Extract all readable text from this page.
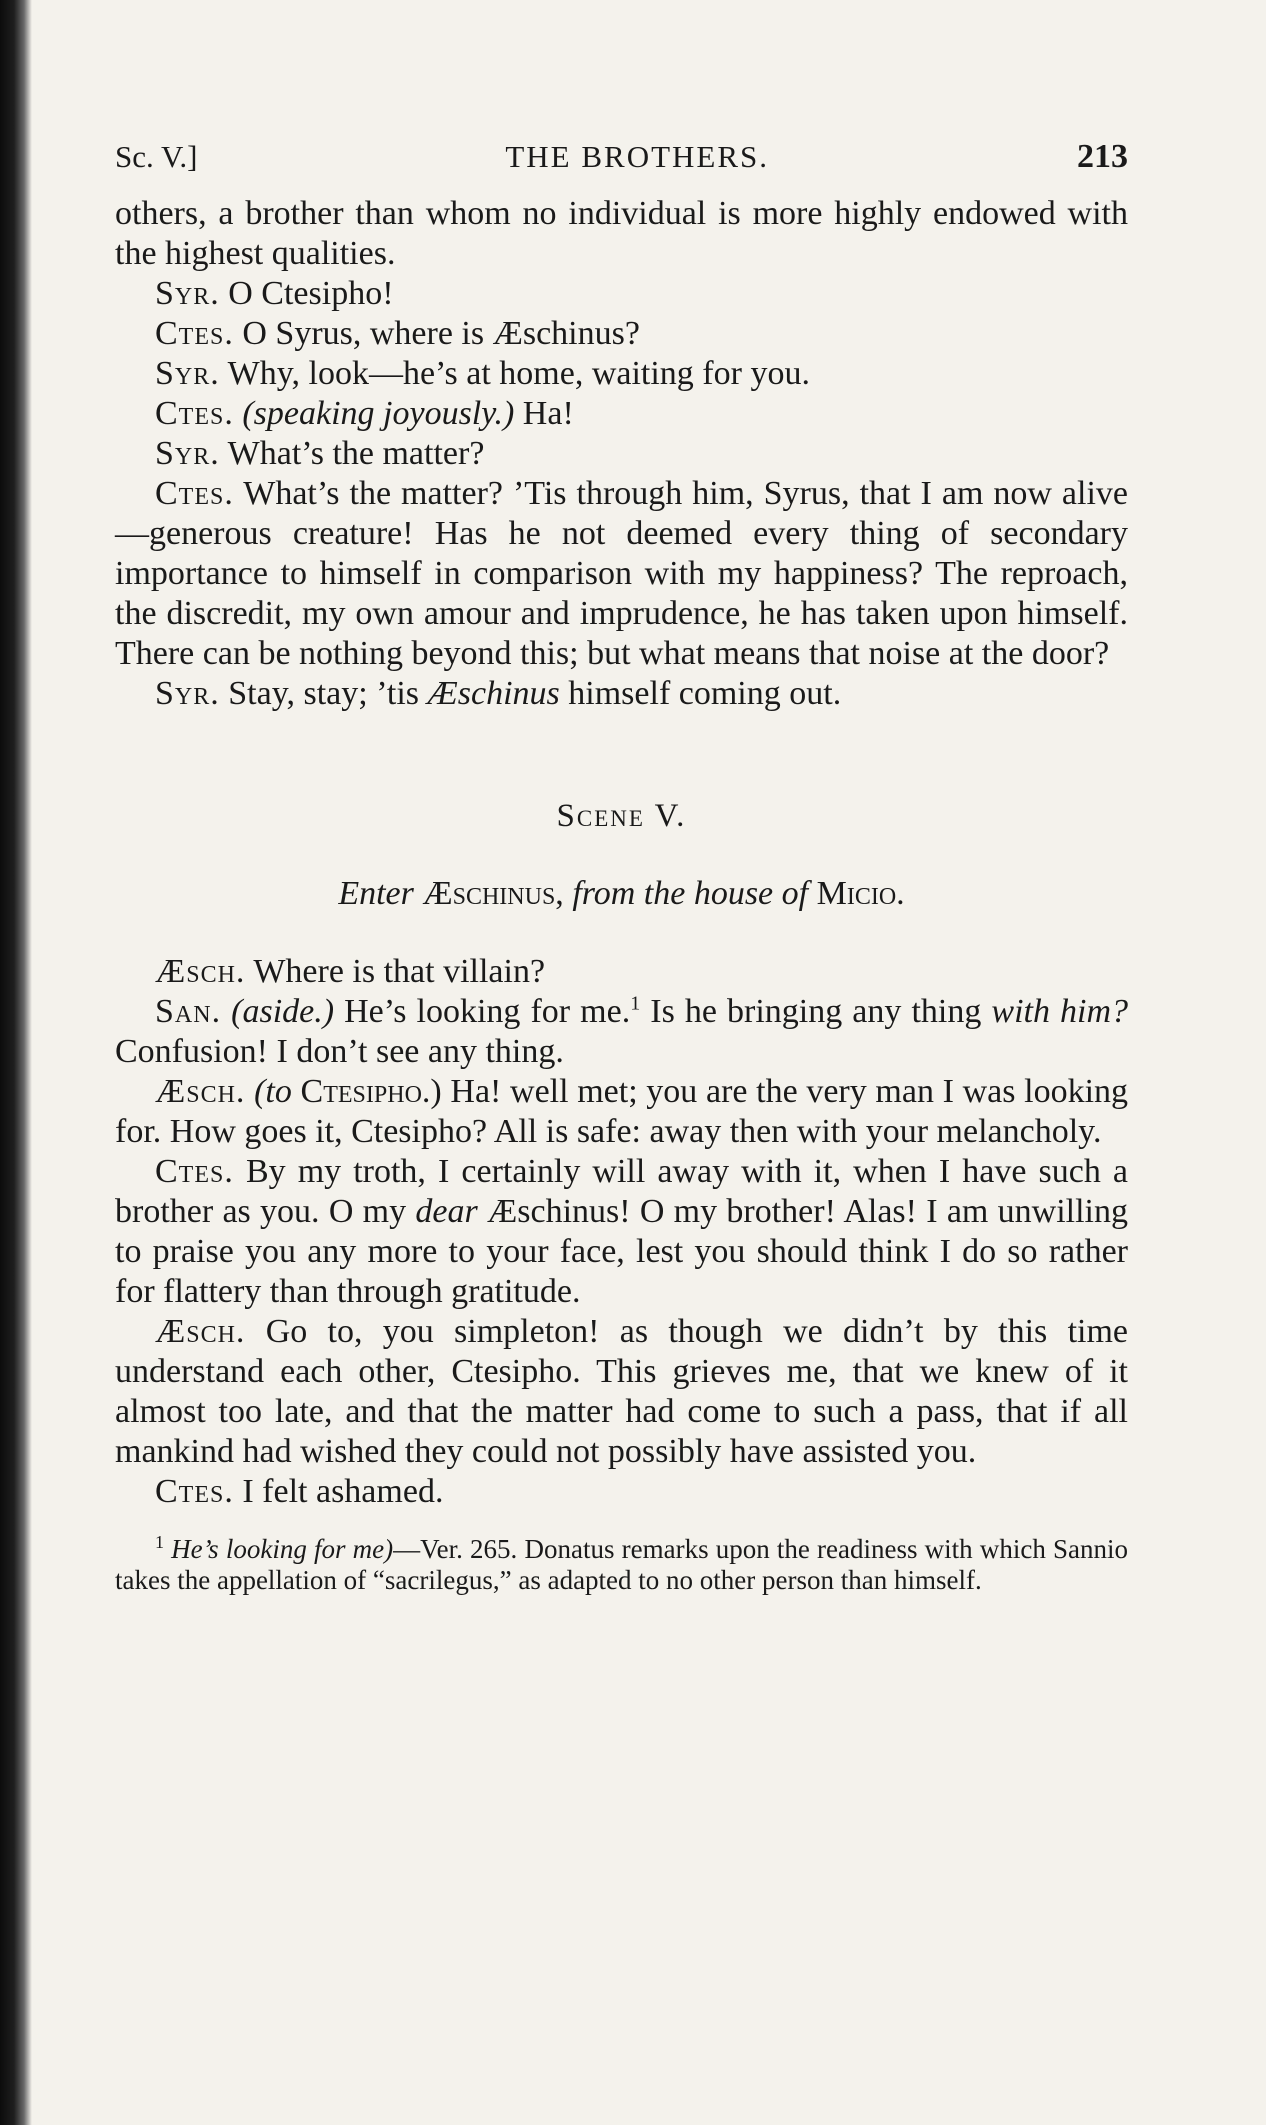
Sc. V.]	THE BROTHERS.	213

others, a brother than whom no individual is more highly endowed with the highest qualities.

Syr. O Ctesipho!

Ctes. O Syrus, where is Æschinus?

Syr. Why, look—he’s at home, waiting for you.

Ctes. (speaking joyously.) Ha!

Syr. What’s the matter?

Ctes. What’s the matter? ’Tis through him, Syrus, that I am now alive—generous creature! Has he not deemed every thing of secondary importance to himself in comparison with my happiness? The reproach, the discredit, my own amour and imprudence, he has taken upon himself. There can be nothing beyond this; but what means that noise at the door?

Syr. Stay, stay; ’tis Æschinus himself coming out.

Scene V.
Enter Æschinus, from the house of Micio.

Æsch. Where is that villain?

San. (aside.) He’s looking for me.$^1$ Is he bringing any thing with him? Confusion! I don’t see any thing.

Æsch. (to Ctesipho.) Ha! well met; you are the very man I was looking for. How goes it, Ctesipho? All is safe: away then with your melancholy.

Ctes. By my troth, I certainly will away with it, when I have such a brother as you. O my dear Æschinus! O my brother! Alas! I am unwilling to praise you any more to your face, lest you should think I do so rather for flattery than through gratitude.

Æsch. Go to, you simpleton! as though we didn’t by this time understand each other, Ctesipho. This grieves me, that we knew of it almost too late, and that the matter had come to such a pass, that if all mankind had wished they could not possibly have assisted you.

Ctes. I felt ashamed.

$^1$ He’s looking for me)—Ver. 265. Donatus remarks upon the readiness with which Sannio takes the appellation of “sacrilegus,” as adapted to no other person than himself.
